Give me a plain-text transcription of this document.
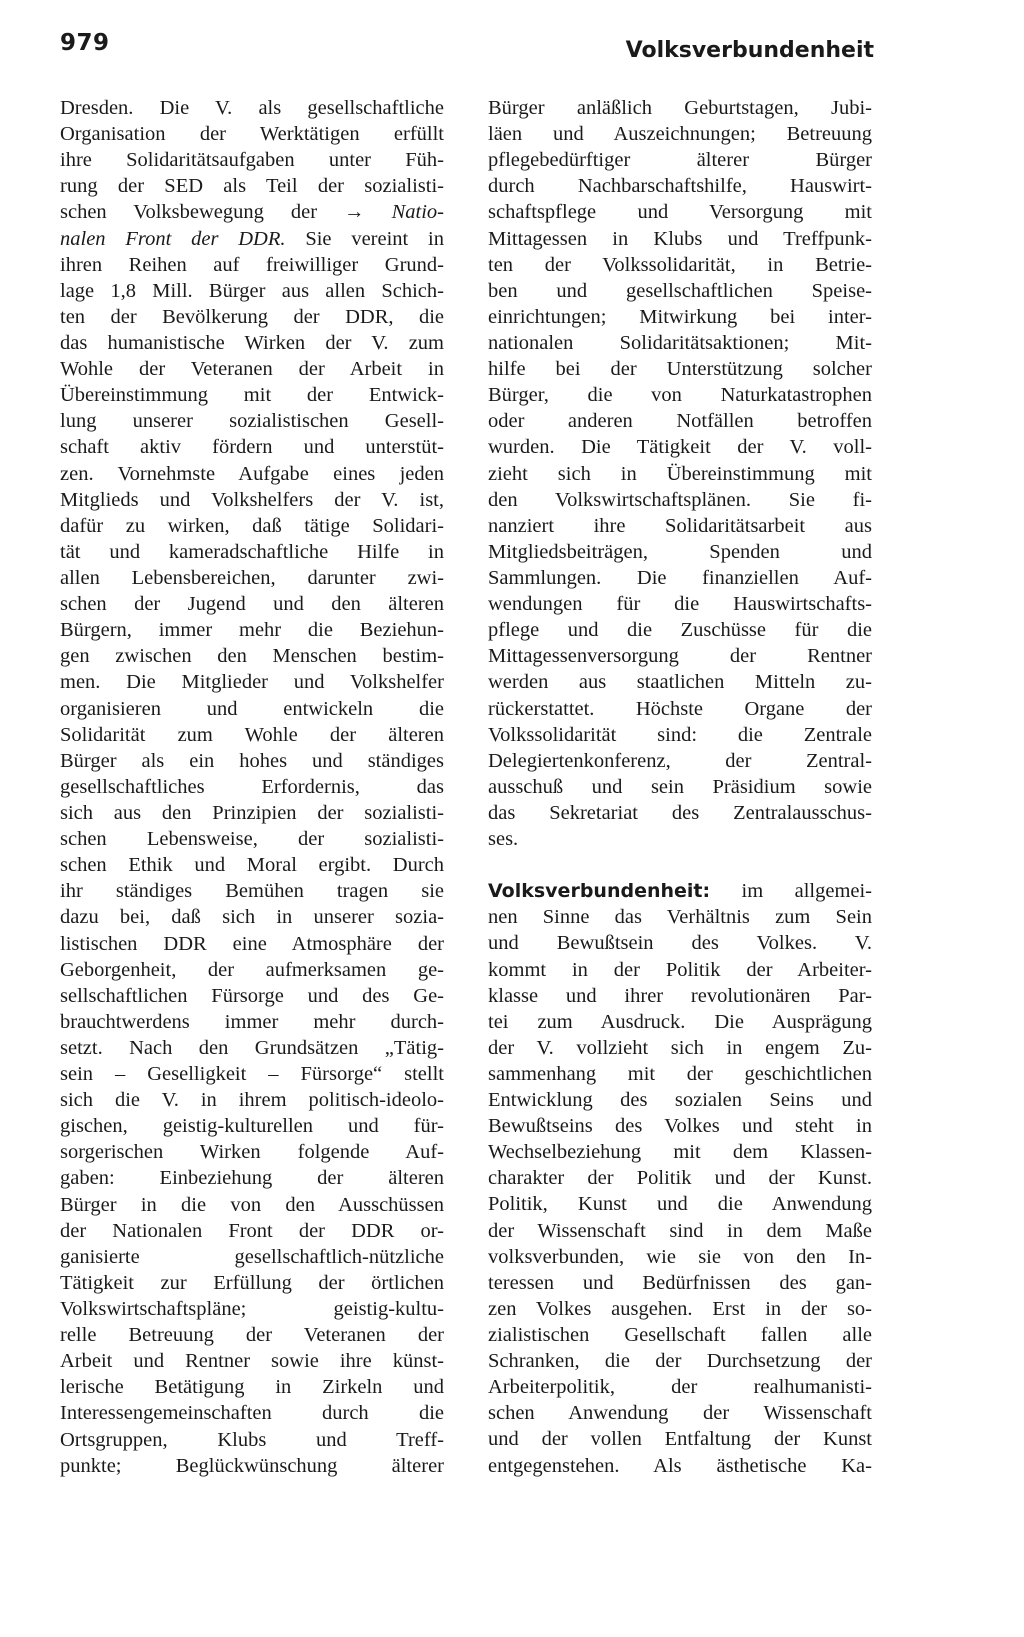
979	Volksverbundenheit
Dresden. Die V. als gesellschaftliche
Organisation der Werktätigen erfüllt
ihre Solidaritätsaufgaben unter Füh-
rung der SED als Teil der sozialisti-
schen Volksbewegung der → Natio-
nalen Front der DDR. Sie vereint in
ihren Reihen auf freiwilliger Grund-
lage 1,8 Mill. Bürger aus allen Schich-
ten der Bevölkerung der DDR, die
das humanistische Wirken der V. zum
Wohle der Veteranen der Arbeit in
Übereinstimmung mit der Entwick-
lung unserer sozialistischen Gesell-
schaft aktiv fördern und unterstüt-
zen. Vornehmste Aufgabe eines jeden
Mitglieds und Volkshelfers der V. ist,
dafür zu wirken, daß tätige Solidari-
tät und kameradschaftliche Hilfe in
allen Lebensbereichen, darunter zwi-
schen der Jugend und den älteren
Bürgern, immer mehr die Beziehun-
gen zwischen den Menschen bestim-
men. Die Mitglieder und Volkshelfer
organisieren und entwickeln die
Solidarität zum Wohle der älteren
Bürger als ein hohes und ständiges
gesellschaftliches Erfordernis, das
sich aus den Prinzipien der sozialisti-
schen Lebensweise, der sozialisti-
schen Ethik und Moral ergibt. Durch
ihr ständiges Bemühen tragen sie
dazu bei, daß sich in unserer sozia-
listischen DDR eine Atmosphäre der
Geborgenheit, der aufmerksamen ge-
sellschaftlichen Fürsorge und des Ge-
brauchtwerdens immer mehr durch-
setzt. Nach den Grundsätzen „Tätig-
sein – Geselligkeit – Fürsorge“ stellt
sich die V. in ihrem politisch-ideolo-
gischen, geistig-kulturellen und für-
sorgerischen Wirken folgende Auf-
gaben: Einbeziehung der älteren
Bürger in die von den Ausschüssen
der Nationalen Front der DDR or-
ganisierte gesellschaftlich-nützliche
Tätigkeit zur Erfüllung der örtlichen
Volkswirtschaftspläne; geistig-kultu-
relle Betreuung der Veteranen der
Arbeit und Rentner sowie ihre künst-
lerische Betätigung in Zirkeln und
Interessengemeinschaften durch die
Ortsgruppen, Klubs und Treff-
punkte; Beglückwünschung älterer
Bürger anläßlich Geburtstagen, Jubi-
läen und Auszeichnungen; Betreuung
pflegebedürftiger älterer Bürger
durch Nachbarschaftshilfe, Hauswirt-
schaftspflege und Versorgung mit
Mittagessen in Klubs und Treffpunk-
ten der Volkssolidarität, in Betrie-
ben und gesellschaftlichen Speise-
einrichtungen; Mitwirkung bei inter-
nationalen Solidaritätsaktionen; Mit-
hilfe bei der Unterstützung solcher
Bürger, die von Naturkatastrophen
oder anderen Notfällen betroffen
wurden. Die Tätigkeit der V. voll-
zieht sich in Übereinstimmung mit
den Volkswirtschaftsplänen. Sie fi-
nanziert ihre Solidaritätsarbeit aus
Mitgliedsbeiträgen, Spenden und
Sammlungen. Die finanziellen Auf-
wendungen für die Hauswirtschafts-
pflege und die Zuschüsse für die
Mittagessenversorgung der Rentner
werden aus staatlichen Mitteln zu-
rückerstattet. Höchste Organe der
Volkssolidarität sind: die Zentrale
Delegiertenkonferenz, der Zentral-
ausschuß und sein Präsidium sowie
das Sekretariat des Zentralausschus-
ses.
Volksverbundenheit: im allgemei-
nen Sinne das Verhältnis zum Sein
und Bewußtsein des Volkes. V.
kommt in der Politik der Arbeiter-
klasse und ihrer revolutionären Par-
tei zum Ausdruck. Die Ausprägung
der V. vollzieht sich in engem Zu-
sammenhang mit der geschichtlichen
Entwicklung des sozialen Seins und
Bewußtseins des Volkes und steht in
Wechselbeziehung mit dem Klassen-
charakter der Politik und der Kunst.
Politik, Kunst und die Anwendung
der Wissenschaft sind in dem Maße
volksverbunden, wie sie von den In-
teressen und Bedürfnissen des gan-
zen Volkes ausgehen. Erst in der so-
zialistischen Gesellschaft fallen alle
Schranken, die der Durchsetzung der
Arbeiterpolitik, der realhumanisti-
schen Anwendung der Wissenschaft
und der vollen Entfaltung der Kunst
entgegenstehen. Als ästhetische Ka-
